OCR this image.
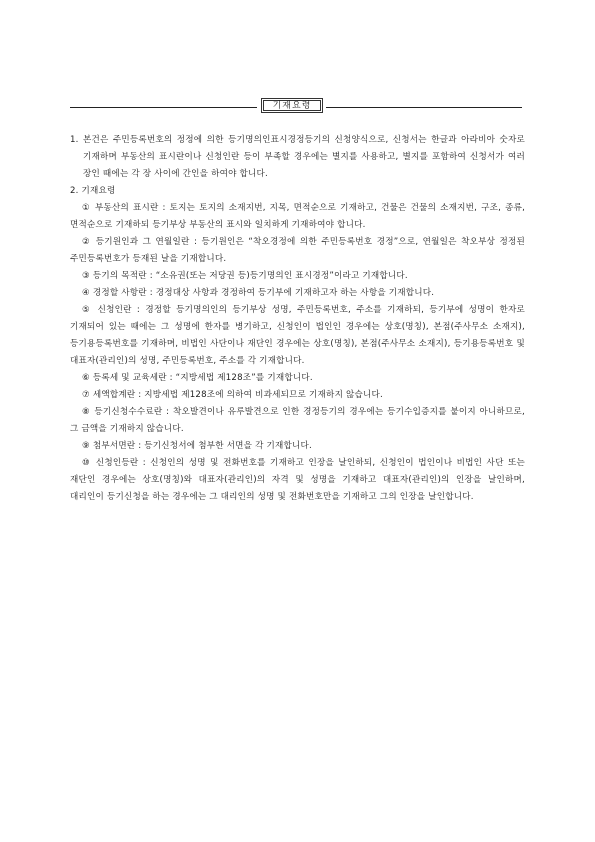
기재요령

1. 본건은 주민등록번호의 정정에 의한 등기명의인표시경정등기의 신청양식으로, 신청서는 한글과 아라비아 숫자로 기재하며 부동산의 표시란이나 신청인란 등이 부족할 경우에는 별지를 사용하고, 별지를 포함하여 신청서가 여러 장인 때에는 각 장 사이에 간인을 하여야 합니다.

2. 기재요령

① 부동산의 표시란 : 토지는 토지의 소재지번, 지목, 면적순으로 기재하고, 건물은 건물의 소재지번, 구조, 종류, 면적순으로 기재하되 등기부상 부동산의 표시와 일치하게 기재하여야 합니다.

② 등기원인과 그 연월일란 : 등기원인은 “착오경정에 의한 주민등록번호 경정”으로, 연월일은 착오부상 정정된 주민등록번호가 등재된 날을 기재합니다.

③ 등기의 목적란 : “소유권(또는 저당권 등)등기명의인 표시경정”이라고 기재합니다.

④ 경정할 사항란 : 경정대상 사항과 경정하여 등기부에 기재하고자 하는 사항을 기재합니다.

⑤ 신청인란 : 경정할 등기명의인의 등기부상 성명, 주민등록번호, 주소를 기재하되, 등기부에 성명이 한자로 기재되어 있는 때에는 그 성명에 한자를 병기하고, 신청인이 법인인 경우에는 상호(명칭), 본점(주사무소 소재지), 등기용등록번호를 기재하며, 비법인 사단이나 재단인 경우에는 상호(명칭), 본점(주사무소 소재지), 등기용등록번호 및 대표자(관리인)의 성명, 주민등록번호, 주소를 각 기재합니다.

⑥ 등록세 및 교육세란 : “지방세법 제128조”를 기재합니다.

⑦ 세액합계란 : 지방세법 제128조에 의하여 비과세되므로 기재하지 않습니다.

⑧ 등기신청수수료란 : 착오발견이나 유루발견으로 인한 경정등기의 경우에는 등기수입증지를 붙이지 아니하므로, 그 금액을 기재하지 않습니다.

⑨ 첨부서면란 : 등기신청서에 첨부한 서면을 각 기재합니다.

⑩ 신청인등란 : 신청인의 성명 및 전화번호를 기재하고 인장을 날인하되, 신청인이 법인이나 비법인 사단 또는 재단인 경우에는 상호(명칭)와 대표자(관리인)의 자격 및 성명을 기재하고 대표자(관리인)의 인장을 날인하며, 대리인이 등기신청을 하는 경우에는 그 대리인의 성명 및 전화번호만을 기재하고 그의 인장을 날인합니다.
